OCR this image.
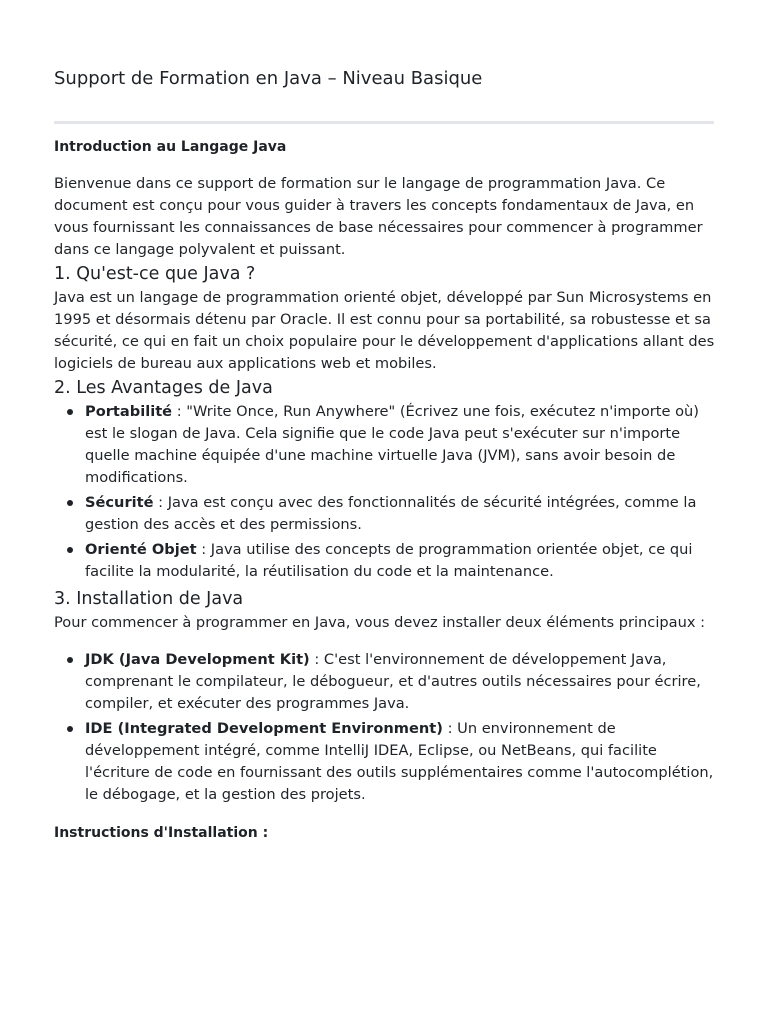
Support de Formation en Java – Niveau Basique
Introduction au Langage Java

Bienvenue dans ce support de formation sur le langage de programmation Java. Ce document est conçu pour vous guider à travers les concepts fondamentaux de Java, en vous fournissant les connaissances de base nécessaires pour commencer à programmer dans ce langage polyvalent et puissant.

1. Qu'est-ce que Java ?

Java est un langage de programmation orienté objet, développé par Sun Microsystems en 1995 et désormais détenu par Oracle. Il est connu pour sa portabilité, sa robustesse et sa sécurité, ce qui en fait un choix populaire pour le développement d'applications allant des logiciels de bureau aux applications web et mobiles.

2. Les Avantages de Java
Portabilité : "Write Once, Run Anywhere" (Écrivez une fois, exécutez n'importe où) est le slogan de Java. Cela signifie que le code Java peut s'exécuter sur n'importe quelle machine équipée d'une machine virtuelle Java (JVM), sans avoir besoin de modifications.
Sécurité : Java est conçu avec des fonctionnalités de sécurité intégrées, comme la gestion des accès et des permissions.
Orienté Objet : Java utilise des concepts de programmation orientée objet, ce qui facilite la modularité, la réutilisation du code et la maintenance.
3. Installation de Java

Pour commencer à programmer en Java, vous devez installer deux éléments principaux :

JDK (Java Development Kit) : C'est l'environnement de développement Java, comprenant le compilateur, le débogueur, et d'autres outils nécessaires pour écrire, compiler, et exécuter des programmes Java.
IDE (Integrated Development Environment) : Un environnement de développement intégré, comme IntelliJ IDEA, Eclipse, ou NetBeans, qui facilite l'écriture de code en fournissant des outils supplémentaires comme l'autocomplétion, le débogage, et la gestion des projets.
Instructions d'Installation :
